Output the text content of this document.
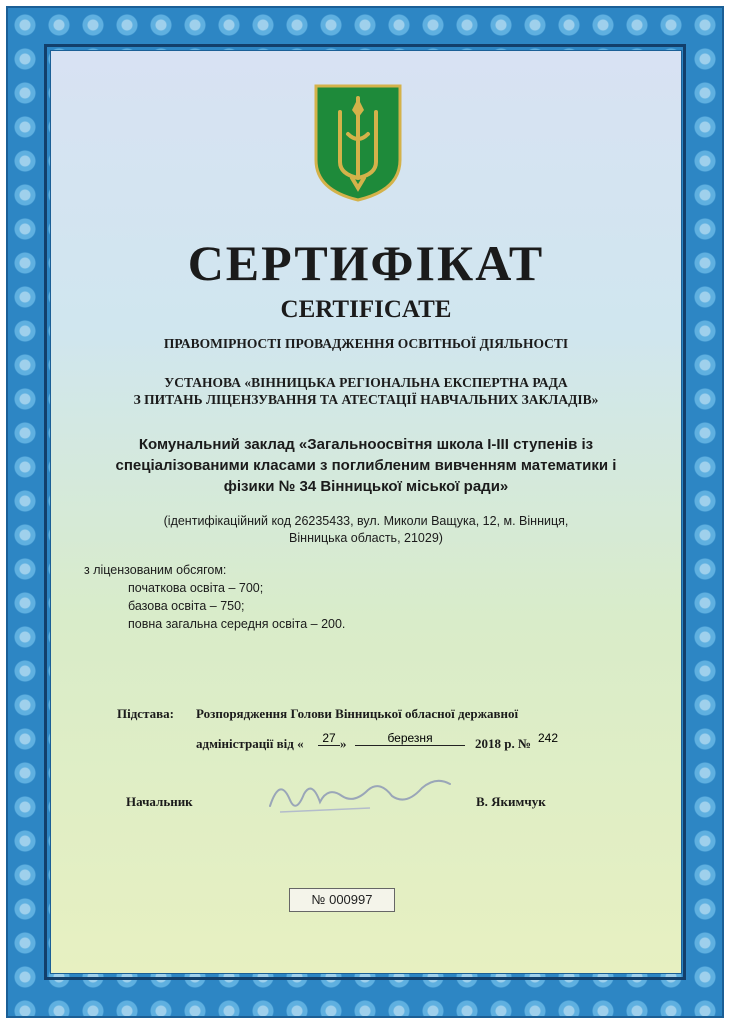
СЕРТИФІКАТ
CERTIFICATE
ПРАВОМІРНОСТІ ПРОВАДЖЕННЯ ОСВІТНЬОЇ ДІЯЛЬНОСТІ
УСТАНОВА «ВІННИЦЬКА РЕГІОНАЛЬНА ЕКСПЕРТНА РАДА
З ПИТАНЬ ЛІЦЕНЗУВАННЯ ТА АТЕСТАЦІЇ НАВЧАЛЬНИХ ЗАКЛАДІВ»
Комунальний заклад «Загальноосвітня школа І-ІІІ ступенів із
спеціалізованими класами з поглибленим вивченням математики і
фізики № 34 Вінницької міської ради»
(ідентифікаційний код 26235433, вул. Миколи Ващука, 12, м. Вінниця,
Вінницька область, 21029)
з ліцензованим обсягом:
початкова освіта – 700;
базова освіта – 750;
повна загальна середня освіта – 200.
Підстава: Розпорядження Голови Вінницької обласної державної
адміністрації від «	27 »	березня	2018 р. № 242
Начальник	В. Якимчук
№ 000997
